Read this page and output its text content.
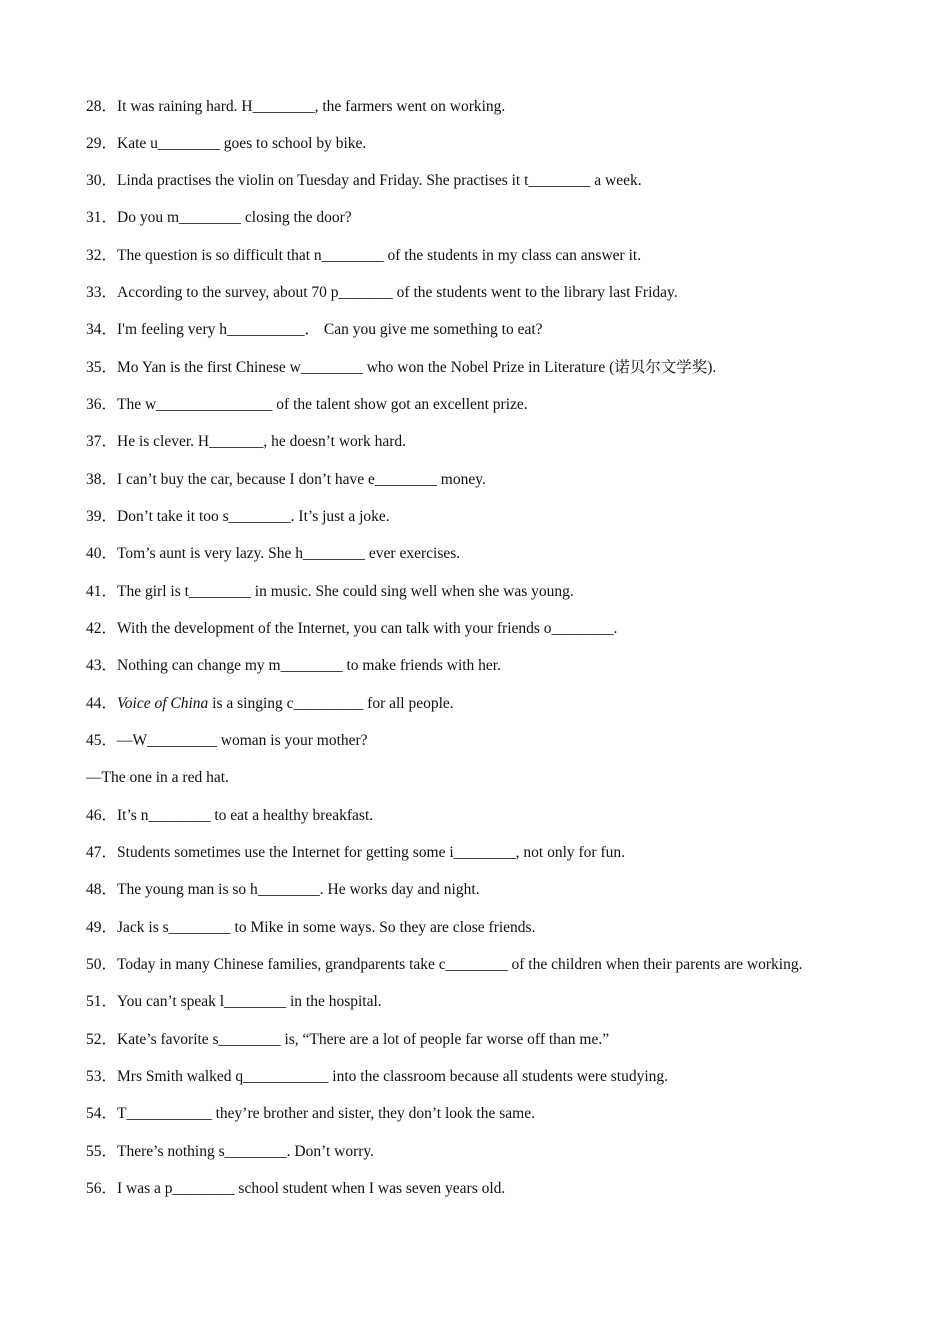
28．It was raining hard. H________, the farmers went on working.
29．Kate u________ goes to school by bike.
30．Linda practises the violin on Tuesday and Friday. She practises it t________ a week.
31．Do you m________ closing the door?
32．The question is so difficult that n________ of the students in my class can answer it.
33．According to the survey, about 70 p_______ of the students went to the library last Friday.
34．I'm feeling very h__________． Can you give me something to eat?
35．Mo Yan is the first Chinese w________ who won the Nobel Prize in Literature (诺贝尔文学奖).
36．The w_______________ of the talent show got an excellent prize.
37．He is clever. H_______, he doesn’t work hard.
38．I can’t buy the car, because I don’t have e________ money.
39．Don’t take it too s________. It’s just a joke.
40．Tom’s aunt is very lazy. She h________ ever exercises.
41．The girl is t________ in music. She could sing well when she was young.
42．With the development of the Internet, you can talk with your friends o________.
43．Nothing can change my m________ to make friends with her.
44．Voice of China is a singing c_________ for all people.
45．—W_________ woman is your mother?
—The one in a red hat.
46．It’s n________ to eat a healthy breakfast.
47．Students sometimes use the Internet for getting some i________, not only for fun.
48．The young man is so h________. He works day and night.
49．Jack is s________ to Mike in some ways. So they are close friends.
50．Today in many Chinese families, grandparents take c________ of the children when their parents are working.
51．You can’t speak l________ in the hospital.
52．Kate’s favorite s________ is, “There are a lot of people far worse off than me.”
53．Mrs Smith walked q___________ into the classroom because all students were studying.
54．T___________ they’re brother and sister, they don’t look the same.
55．There’s nothing s________. Don’t worry.
56．I was a p________ school student when I was seven years old.
